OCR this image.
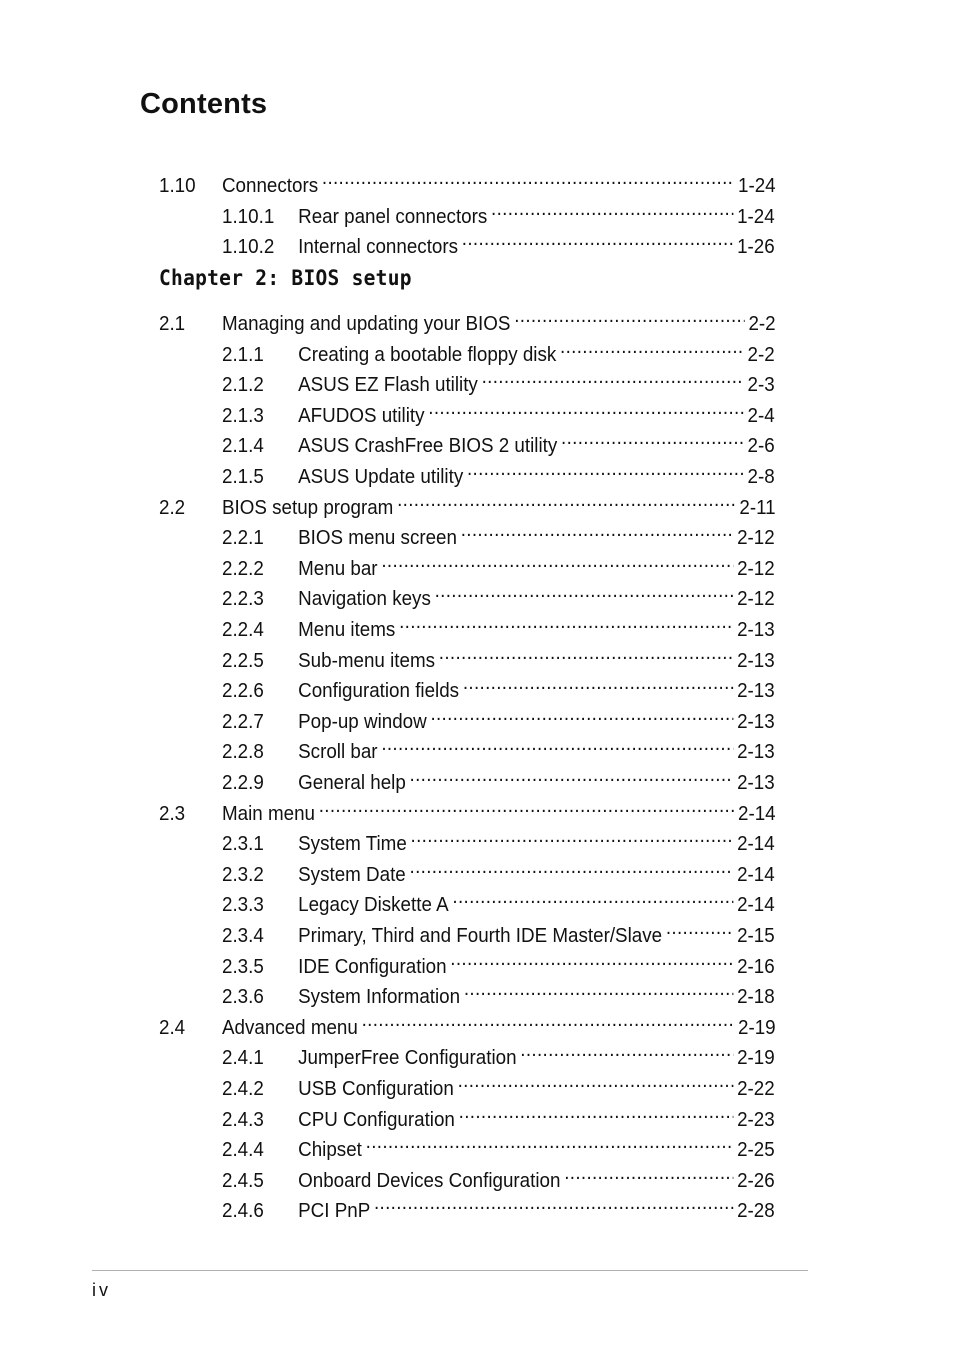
Contents
Chapter 2: BIOS setup
1.10	Connectors . . .	1-24
1.10.1	Rear panel connectors . . .	1-24
1.10.2	Internal connectors . . .	1-26
2.1	Managing and updating your BIOS . . .	2-2
2.1.1	Creating a bootable floppy disk . . .	2-2
2.1.2	ASUS EZ Flash utility . . .	2-3
2.1.3	AFUDOS utility . . .	2-4
2.1.4	ASUS CrashFree BIOS 2 utility . . .	2-6
2.1.5	ASUS Update utility . . .	2-8
2.2	BIOS setup program . . .	2-11
2.2.1	BIOS menu screen . . .	2-12
2.2.2	Menu bar . . .	2-12
2.2.3	Navigation keys . . .	2-12
2.2.4	Menu items . . .	2-13
2.2.5	Sub-menu items . . .	2-13
2.2.6	Configuration fields . . .	2-13
2.2.7	Pop-up window . . .	2-13
2.2.8	Scroll bar . . .	2-13
2.2.9	General help . . .	2-13
2.3	Main menu . . .	2-14
2.3.1	System Time . . .	2-14
2.3.2	System Date . . .	2-14
2.3.3	Legacy Diskette A . . .	2-14
2.3.4	Primary, Third and Fourth IDE Master/Slave . . .	2-15
2.3.5	IDE Configuration . . .	2-16
2.3.6	System Information . . .	2-18
2.4	Advanced menu . . .	2-19
2.4.1	JumperFree Configuration . . .	2-19
2.4.2	USB Configuration . . .	2-22
2.4.3	CPU Configuration . . .	2-23
2.4.4	Chipset . . .	2-25
2.4.5	Onboard Devices Configuration . . .	2-26
2.4.6	PCI PnP . . .	2-28
iv
